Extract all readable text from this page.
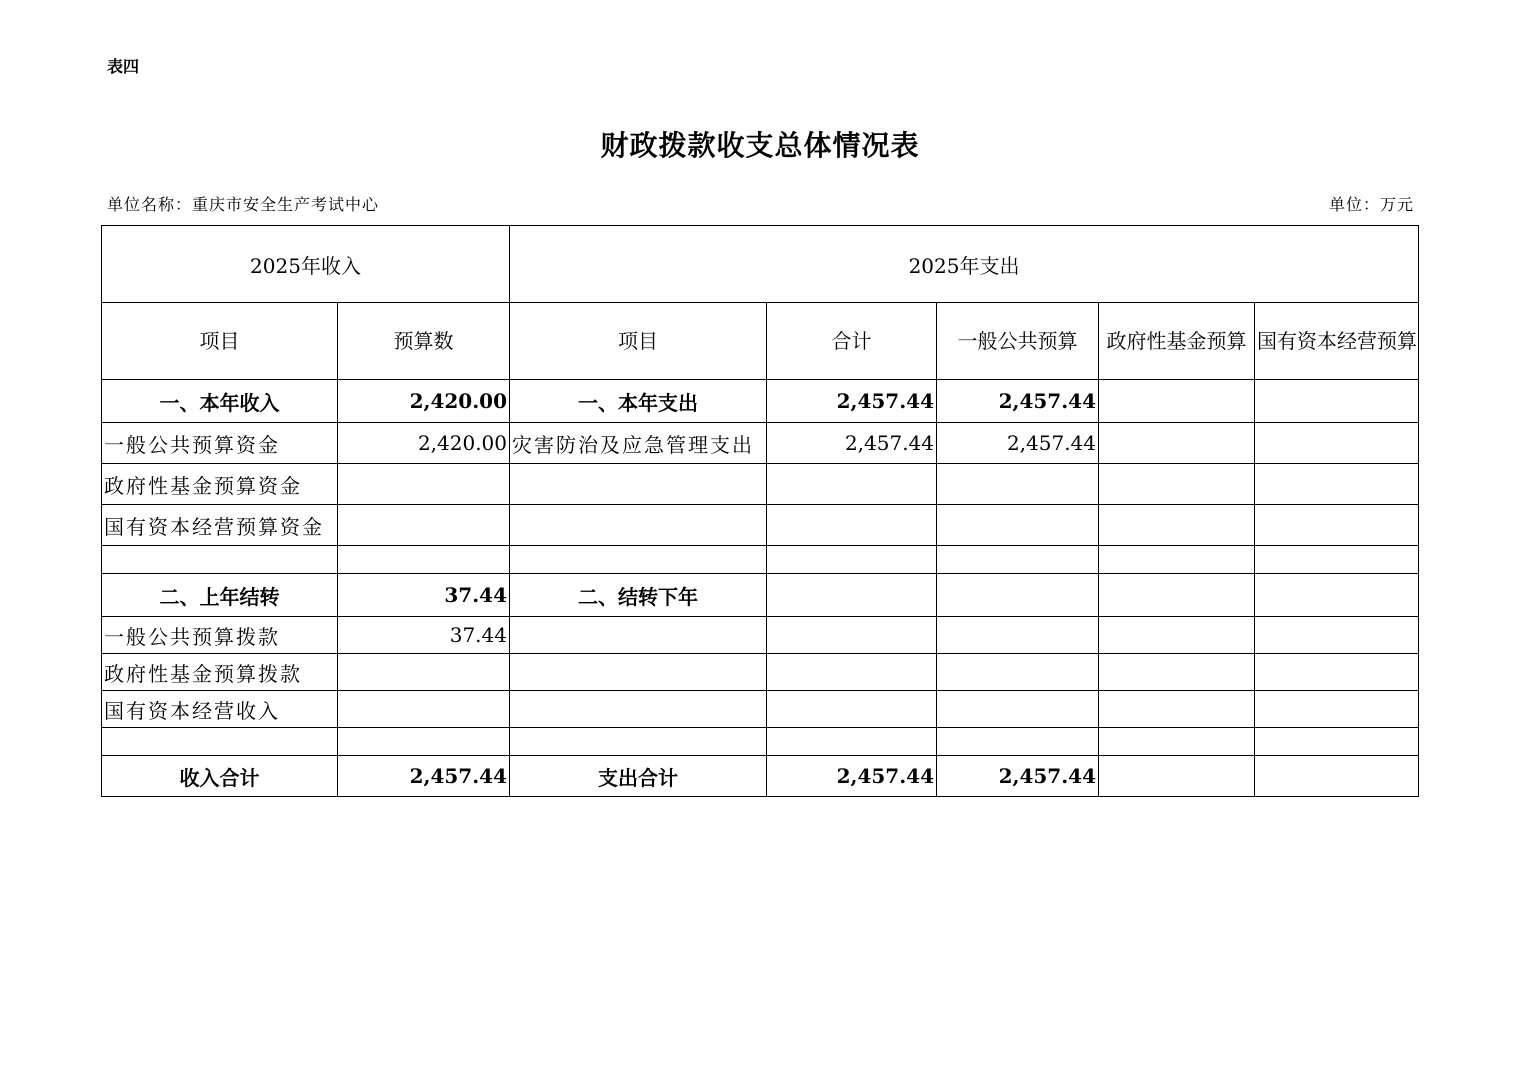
表四
财政拨款收支总体情况表
单位名称：重庆市安全生产考试中心	单位：万元
2025年收入		2025年支出				
项目	预算数	项目	合计	一般公共预算	政府性基金预算	国有资本经营预算
一、本年收入	2,420.00	一、本年支出	2,457.44	2,457.44		
一般公共预算资金	2,420.00	灾害防治及应急管理支出	2,457.44	2,457.44		
政府性基金预算资金						
国有资本经营预算资金						

二、上年结转	37.44	二、结转下年				
一般公共预算拨款	37.44					
政府性基金预算拨款						
国有资本经营收入						

收入合计	2,457.44	支出合计	2,457.44	2,457.44		
